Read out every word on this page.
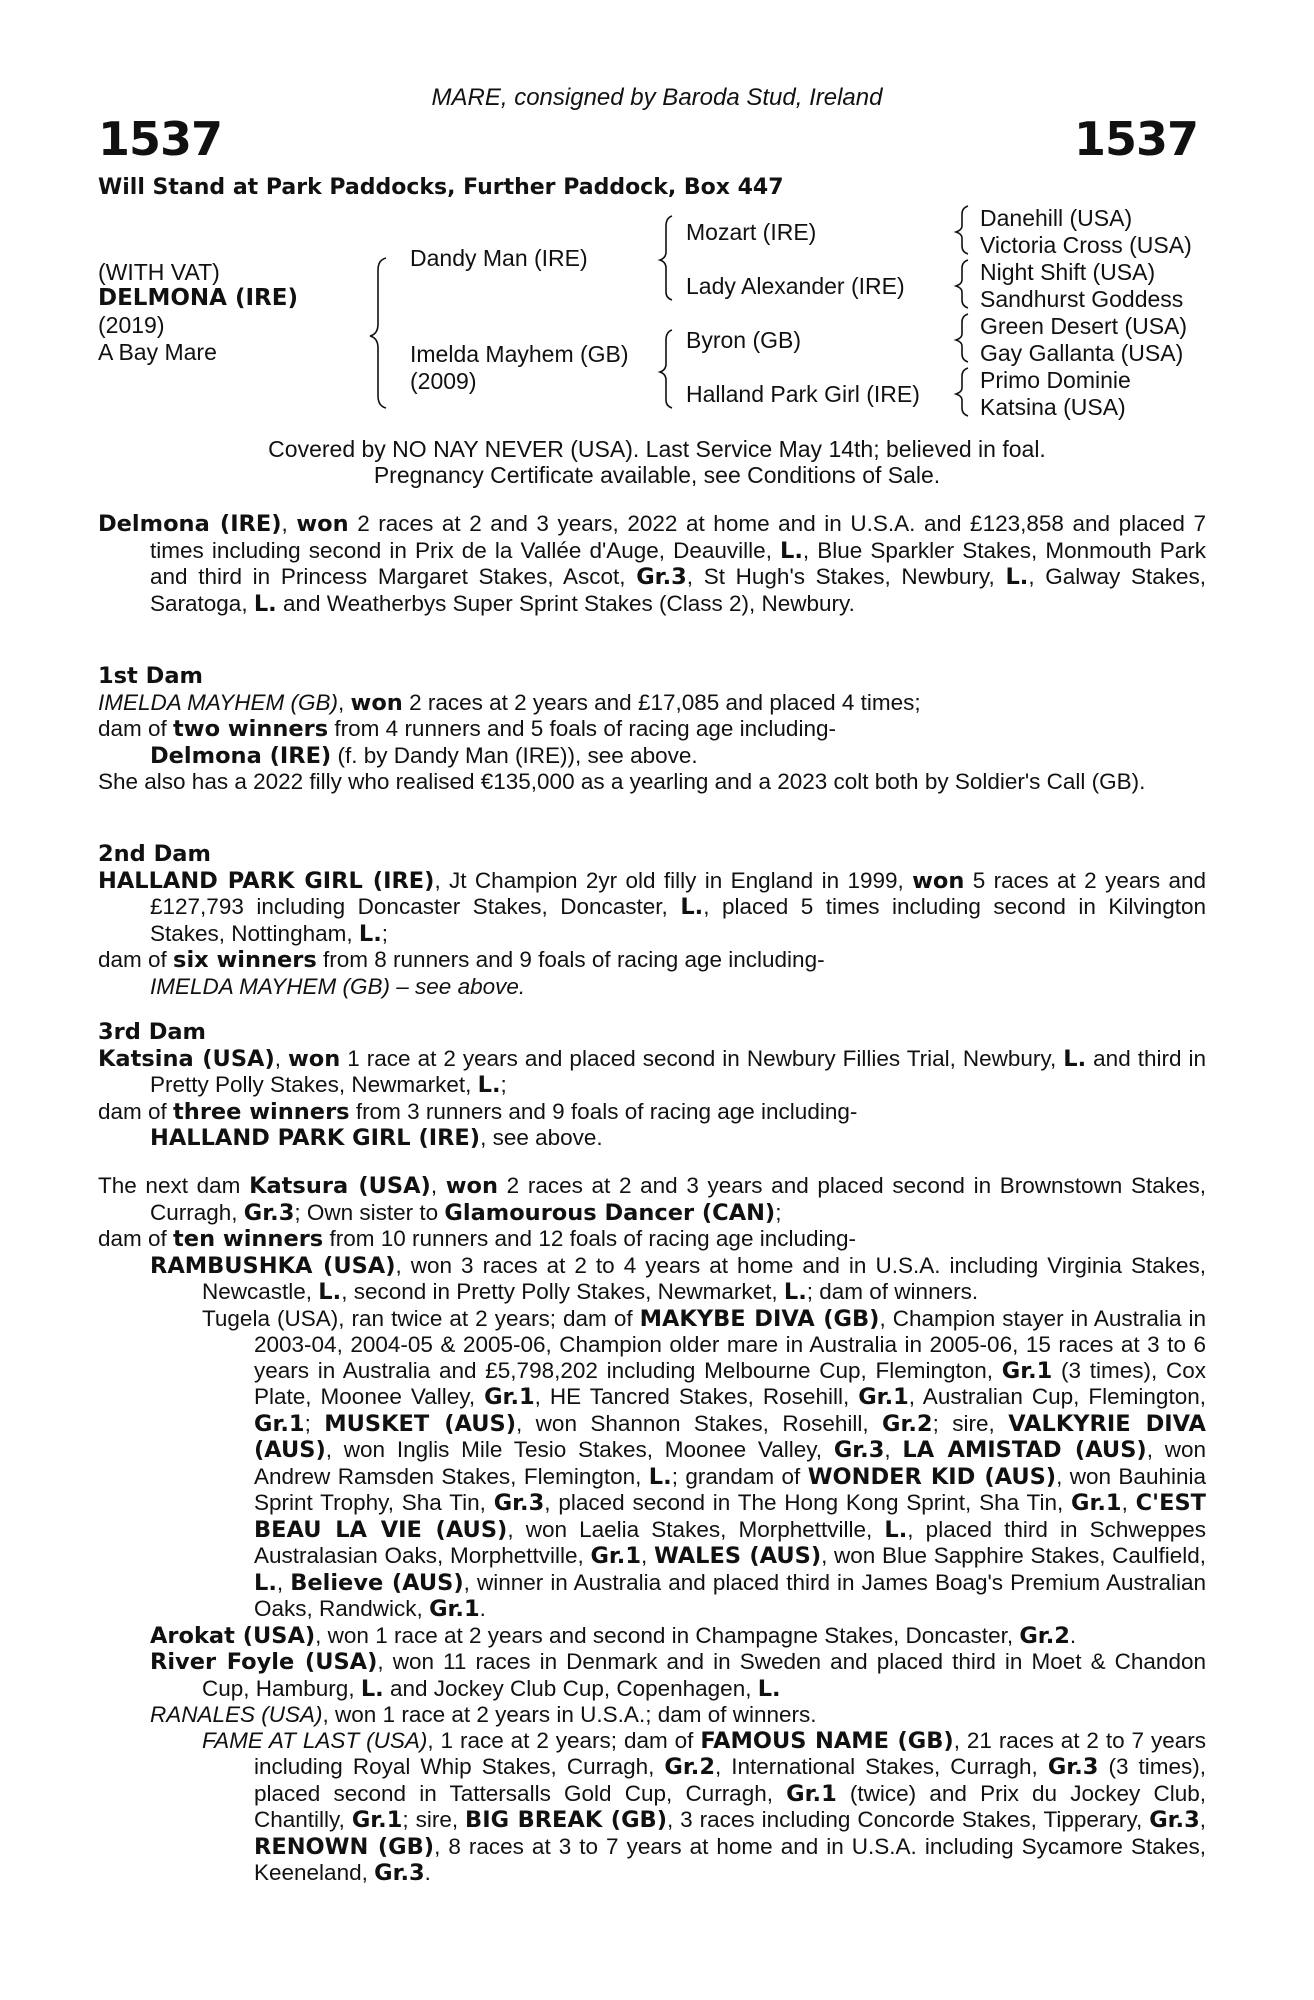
MARE, consigned by Baroda Stud, Ireland
1537	1537
Will Stand at Park Paddocks, Further Paddock, Box 447
(WITH VAT)
DELMONA (IRE)
(2019)
A Bay Mare
Dandy Man (IRE)
Imelda Mayhem (GB)
(2009)
Mozart (IRE)
Lady Alexander (IRE)
Byron (GB)
Halland Park Girl (IRE)
Danehill (USA)
Victoria Cross (USA)
Night Shift (USA)
Sandhurst Goddess
Green Desert (USA)
Gay Gallanta (USA)
Primo Dominie
Katsina (USA)
Covered by NO NAY NEVER (USA). Last Service May 14th; believed in foal.
Pregnancy Certificate available, see Conditions of Sale.

Delmona (IRE), won 2 races at 2 and 3 years, 2022 at home and in U.S.A. and £123,858 and placed 7 times including second in Prix de la Vallée d'Auge, Deauville, L., Blue Sparkler Stakes, Monmouth Park and third in Princess Margaret Stakes, Ascot, Gr.3, St Hugh's Stakes, Newbury, L., Galway Stakes, Saratoga, L. and Weatherbys Super Sprint Stakes (Class 2), Newbury.

1st Dam

IMELDA MAYHEM (GB), won 2 races at 2 years and £17,085 and placed 4 times;

dam of two winners from 4 runners and 5 foals of racing age including-

Delmona (IRE) (f. by Dandy Man (IRE)), see above.

She also has a 2022 filly who realised €135,000 as a yearling and a 2023 colt both by Soldier's Call (GB).

2nd Dam

HALLAND PARK GIRL (IRE), Jt Champion 2yr old filly in England in 1999, won 5 races at 2 years and £127,793 including Doncaster Stakes, Doncaster, L., placed 5 times including second in Kilvington Stakes, Nottingham, L.;

dam of six winners from 8 runners and 9 foals of racing age including-

IMELDA MAYHEM (GB) – see above.

3rd Dam

Katsina (USA), won 1 race at 2 years and placed second in Newbury Fillies Trial, Newbury, L. and third in Pretty Polly Stakes, Newmarket, L.;

dam of three winners from 3 runners and 9 foals of racing age including-

HALLAND PARK GIRL (IRE), see above.

The next dam Katsura (USA), won 2 races at 2 and 3 years and placed second in Brownstown Stakes, Curragh, Gr.3; Own sister to Glamourous Dancer (CAN);

dam of ten winners from 10 runners and 12 foals of racing age including-

RAMBUSHKA (USA), won 3 races at 2 to 4 years at home and in U.S.A. including Virginia Stakes, Newcastle, L., second in Pretty Polly Stakes, Newmarket, L.; dam of winners.

Tugela (USA), ran twice at 2 years; dam of MAKYBE DIVA (GB), Champion stayer in Australia in 2003-04, 2004-05 & 2005-06, Champion older mare in Australia in 2005-06, 15 races at 3 to 6 years in Australia and £5,798,202 including Melbourne Cup, Flemington, Gr.1 (3 times), Cox Plate, Moonee Valley, Gr.1, HE Tancred Stakes, Rosehill, Gr.1, Australian Cup, Flemington, Gr.1; MUSKET (AUS), won Shannon Stakes, Rosehill, Gr.2; sire, VALKYRIE DIVA (AUS), won Inglis Mile Tesio Stakes, Moonee Valley, Gr.3, LA AMISTAD (AUS), won Andrew Ramsden Stakes, Flemington, L.; grandam of WONDER KID (AUS), won Bauhinia Sprint Trophy, Sha Tin, Gr.3, placed second in The Hong Kong Sprint, Sha Tin, Gr.1, C'EST BEAU LA VIE (AUS), won Laelia Stakes, Morphettville, L., placed third in Schweppes Australasian Oaks, Morphettville, Gr.1, WALES (AUS), won Blue Sapphire Stakes, Caulfield, L., Believe (AUS), winner in Australia and placed third in James Boag's Premium Australian Oaks, Randwick, Gr.1.

Arokat (USA), won 1 race at 2 years and second in Champagne Stakes, Doncaster, Gr.2.

River Foyle (USA), won 11 races in Denmark and in Sweden and placed third in Moet & Chandon Cup, Hamburg, L. and Jockey Club Cup, Copenhagen, L.

RANALES (USA), won 1 race at 2 years in U.S.A.; dam of winners.

FAME AT LAST (USA), 1 race at 2 years; dam of FAMOUS NAME (GB), 21 races at 2 to 7 years including Royal Whip Stakes, Curragh, Gr.2, International Stakes, Curragh, Gr.3 (3 times), placed second in Tattersalls Gold Cup, Curragh, Gr.1 (twice) and Prix du Jockey Club, Chantilly, Gr.1; sire, BIG BREAK (GB), 3 races including Concorde Stakes, Tipperary, Gr.3, RENOWN (GB), 8 races at 3 to 7 years at home and in U.S.A. including Sycamore Stakes, Keeneland, Gr.3.
